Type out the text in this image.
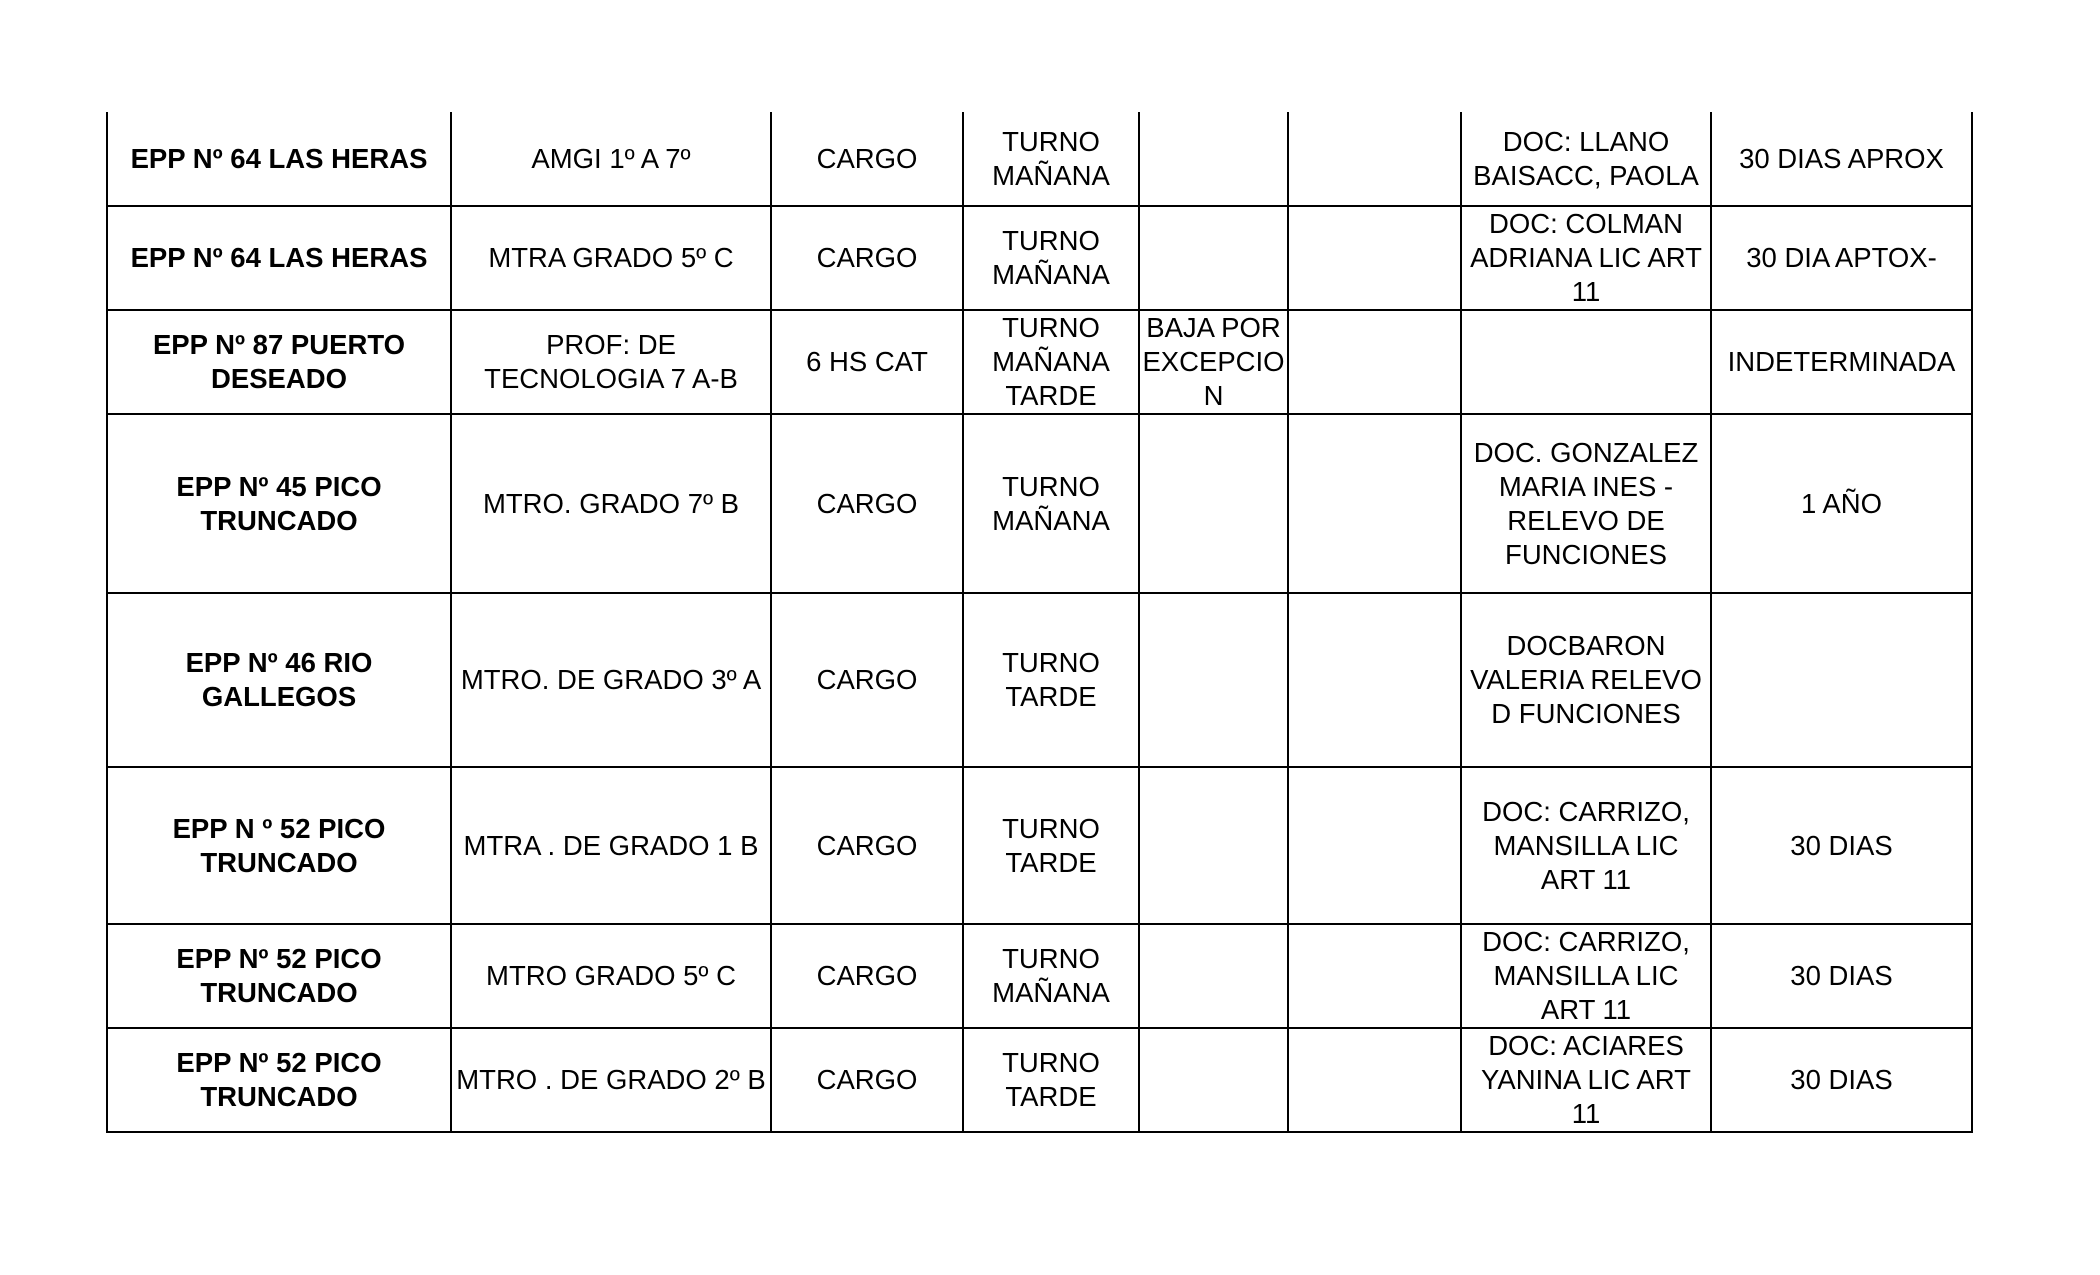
EPP Nº 64 LAS HERAS	AMGI 1º A 7º	CARGO	TURNO MAÑANA			DOC: LLANO BAISACC, PAOLA	30 DIAS APROX
EPP Nº 64 LAS HERAS	MTRA GRADO 5º C	CARGO	TURNO MAÑANA			DOC: COLMAN ADRIANA LIC ART 11	30 DIA APTOX-
EPP Nº 87 PUERTO DESEADO	PROF: DE TECNOLOGIA 7 A-B	6 HS CAT	TURNO MAÑANA TARDE	BAJA POR EXCEPCION			INDETERMINADA
EPP Nº 45 PICO TRUNCADO	MTRO. GRADO 7º B	CARGO	TURNO MAÑANA			DOC. GONZALEZ MARIA INES - RELEVO DE FUNCIONES	1 AÑO
EPP Nº 46 RIO GALLEGOS	MTRO. DE GRADO 3º A	CARGO	TURNO TARDE			DOCBARON VALERIA RELEVO D FUNCIONES	
EPP N º 52 PICO TRUNCADO	MTRA . DE GRADO 1 B	CARGO	TURNO TARDE			DOC: CARRIZO, MANSILLA LIC ART 11	30 DIAS
EPP Nº 52 PICO TRUNCADO	MTRO GRADO 5º C	CARGO	TURNO MAÑANA			DOC: CARRIZO, MANSILLA LIC ART 11	30 DIAS
EPP Nº 52 PICO TRUNCADO	MTRO . DE GRADO 2º B	CARGO	TURNO TARDE			DOC: ACIARES YANINA LIC ART 11	30 DIAS
